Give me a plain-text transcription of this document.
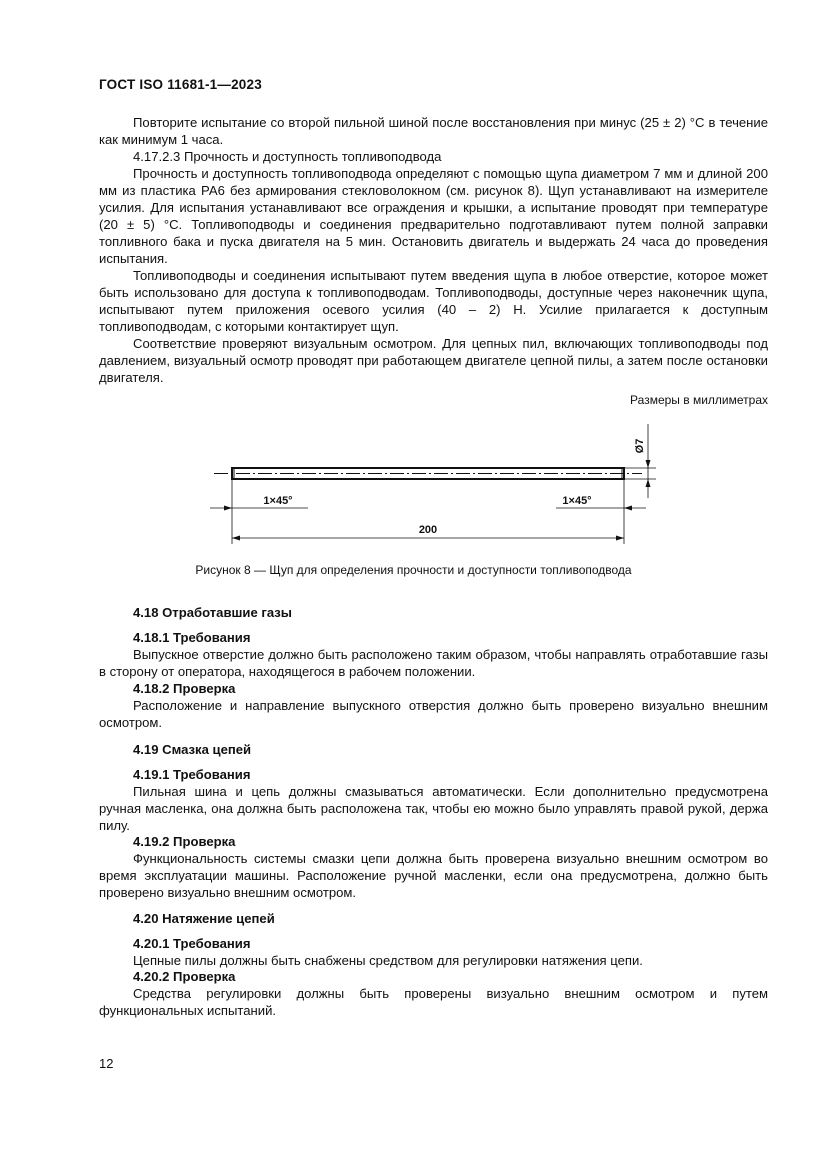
ГОСТ ISO 11681-1—2023

Повторите испытание со второй пильной шиной после восстановления при минус (25 ± 2) °С в течение как минимум 1 часа.

4.17.2.3 Прочность и доступность топливоподвода

Прочность и доступность топливоподвода определяют с помощью щупа диаметром 7 мм и длиной 200 мм из пластика РА6 без армирования стекловолокном (см. рисунок 8). Щуп устанавливают на измерителе усилия. Для испытания устанавливают все ограждения и крышки, а испытание проводят при температуре (20 ± 5) °С. Топливоподводы и соединения предварительно подготавливают путем полной заправки топливного бака и пуска двигателя на 5 мин. Остановить двигатель и выдержать 24 часа до проведения испытания.

Топливоподводы и соединения испытывают путем введения щупа в любое отверстие, которое может быть использовано для доступа к топливоподводам. Топливоподводы, доступные через наконечник щупа, испытывают путем приложения осевого усилия (40 – 2) Н. Усилие прилагается к доступным топливоподводам, с которыми контактирует щуп.

Соответствие проверяют визуальным осмотром. Для цепных пил, включающих топливоподводы под давлением, визуальный осмотр проводят при работающем двигателе цепной пилы, а затем после остановки двигателя.

Размеры в миллиметрах
Ø7
1×45°	1×45°
200
Рисунок 8 — Щуп для определения прочности и доступности топливоподвода
4.18 Отработавшие газы
4.18.1 Требования

Выпускное отверстие должно быть расположено таким образом, чтобы направлять отработавшие газы в сторону от оператора, находящегося в рабочем положении.

4.18.2 Проверка

Расположение и направление выпускного отверстия должно быть проверено визуально внешним осмотром.

4.19 Смазка цепей
4.19.1 Требования

Пильная шина и цепь должны смазываться автоматически. Если дополнительно предусмотрена ручная масленка, она должна быть расположена так, чтобы ею можно было управлять правой рукой, держа пилу.

4.19.2 Проверка

Функциональность системы смазки цепи должна быть проверена визуально внешним осмотром во время эксплуатации машины. Расположение ручной масленки, если она предусмотрена, должно быть проверено визуально внешним осмотром.

4.20 Натяжение цепей
4.20.1 Требования

Цепные пилы должны быть снабжены средством для регулировки натяжения цепи.

4.20.2 Проверка

Средства регулировки должны быть проверены визуально внешним осмотром и путем функциональных испытаний.

12
